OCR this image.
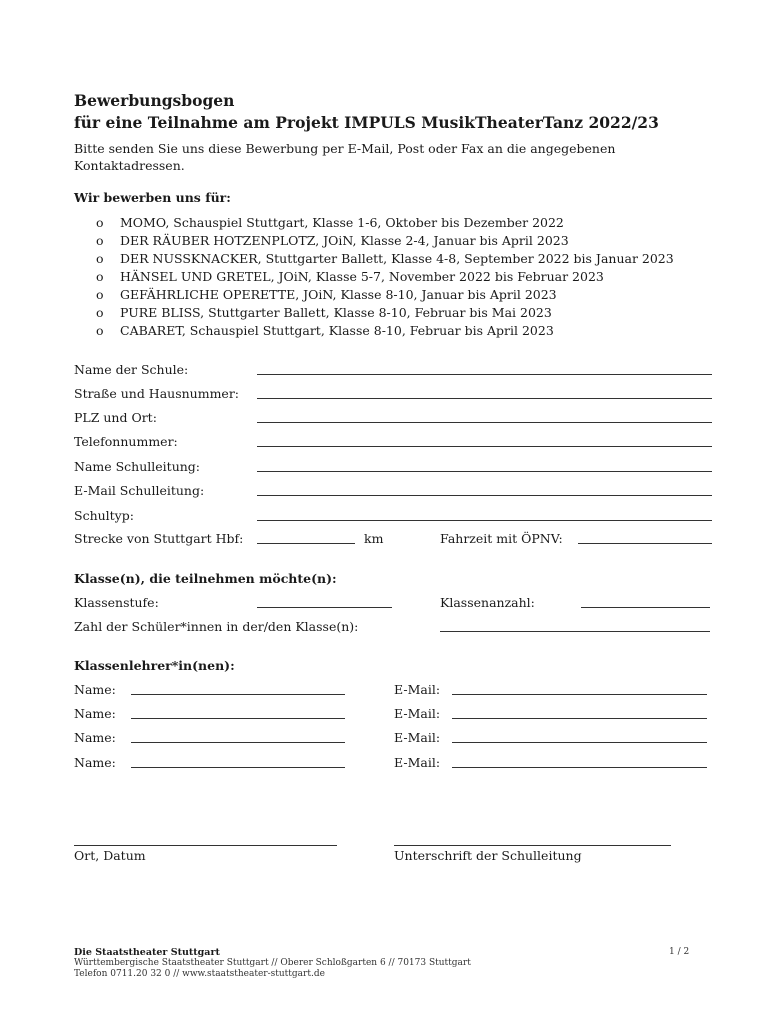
Bewerbungsbogen
für eine Teilnahme am Projekt IMPULS MusikTheaterTanz 2022/23
Bitte senden Sie uns diese Bewerbung per E-Mail, Post oder Fax an die angegebenen
Kontaktadressen.
Wir bewerben uns für:
o MOMO, Schauspiel Stuttgart, Klasse 1-6, Oktober bis Dezember 2022
o DER RÄUBER HOTZENPLOTZ, JOiN, Klasse 2-4, Januar bis April 2023
o DER NUSSKNACKER, Stuttgarter Ballett, Klasse 4-8, September 2022 bis Januar 2023
o HÄNSEL UND GRETEL, JOiN, Klasse 5-7, November 2022 bis Februar 2023
o GEFÄHRLICHE OPERETTE, JOiN, Klasse 8-10, Januar bis April 2023
o PURE BLISS, Stuttgarter Ballett, Klasse 8-10, Februar bis Mai 2023
o CABARET, Schauspiel Stuttgart, Klasse 8-10, Februar bis April 2023
Name der Schule:
Straße und Hausnummer:
PLZ und Ort:
Telefonnummer:
Name Schulleitung:
E-Mail Schulleitung:
Schultyp:
Strecke von Stuttgart Hbf:	km	Fahrzeit mit ÖPNV:
Klasse(n), die teilnehmen möchte(n):
Klassenstufe:	Klassenanzahl:
Zahl der Schüler*innen in der/den Klasse(n):
Klassenlehrer*in(nen):
Name:	E-Mail:
Name:	E-Mail:
Name:	E-Mail:
Name:	E-Mail:
Ort, Datum	Unterschrift der Schulleitung
Die Staatstheater Stuttgart
Württembergische Staatstheater Stuttgart // Oberer Schloßgarten 6 // 70173 Stuttgart
Telefon 0711.20 32 0 // www.staatstheater-stuttgart.de
1 / 2
